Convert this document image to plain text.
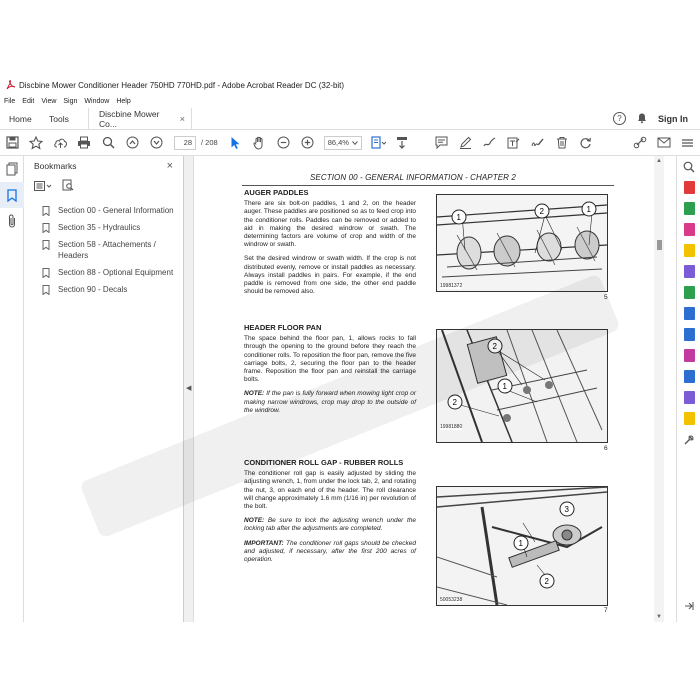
Discbine Mower Conditioner Header 750HD 770HD.pdf - Adobe Acrobat Reader DC (32-bit)
File Edit View Sign Window Help
Home	Tools	Discbine Mower Co...	×	?	Sign In
28	/ 208	86,4%
Bookmarks	×
Section 00 - General Information
Section 35 - Hydraulics
Section 58 - Attachements / Headers
Section 88 - Optional Equipment
Section 90 - Decals
◀
SECTION 00 - GENERAL INFORMATION - CHAPTER 2
AUGER PADDLES

There are six bolt-on paddles, 1 and 2, on the header auger. These paddles are positioned so as to feed crop into the conditioner rolls. Paddles can be removed or added to aid in making the desired windrow or swath. The determining factors are volume of crop and width of the windrow or swath.

Set the desired windrow or swath width. If the crop is not distributed evenly, remove or install paddles as necessary. Always install paddles in pairs. For example, if the end paddle is removed from one side, the other end paddle should be removed also.

HEADER FLOOR PAN

The space behind the floor pan, 1, allows rocks to fall through the opening to the ground before they reach the conditioner rolls. To reposition the floor pan, remove the five carriage bolts, 2, securing the floor pan to the header frame. Reposition the floor pan and reinstall the carriage bolts.

NOTE: If the pan is fully forward when mowing light crop or making narrow windrows, crop may drop to the outside of the windrow.

CONDITIONER ROLL GAP - RUBBER ROLLS

The conditioner roll gap is easily adjusted by sliding the adjusting wrench, 1, from under the lock tab, 2, and rotating the nut, 3, on each end of the header. The roll clearance will change approximately 1.6 mm (1/16 in) per revolution of the bolt.

NOTE: Be sure to lock the adjusting wrench under the locking tab after the adjustments are completed.

IMPORTANT: The conditioner roll gaps should be checked and adjusted, if necessary, after the first 200 acres of operation.

1
2	1
19981372
5
2
1
2
19981880
6
3
1
2
50053238
7
▲
▼
